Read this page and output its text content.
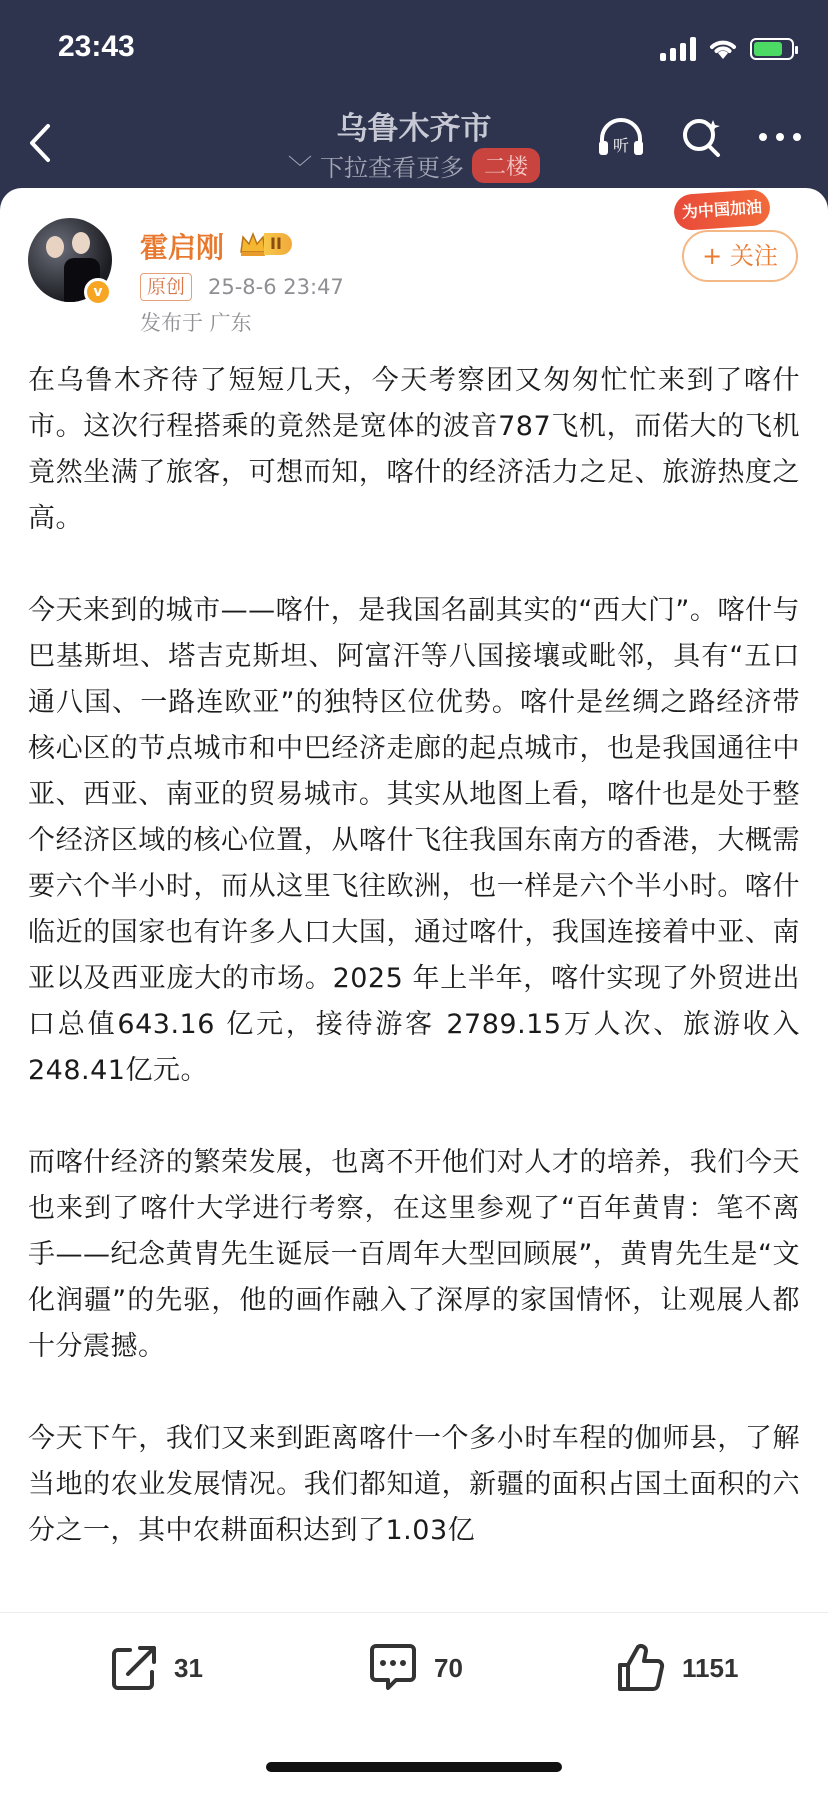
23:43
乌鲁木齐市
﹀ 下拉查看更多 二楼
听
v
霍启刚	II
原创	25-8-6 23:47
发布于 广东
为中国加油
+ 关注

在乌鲁木齐待了短短几天，今天考察团又匆匆忙忙来到了喀什市。这次行程搭乘的竟然是宽体的波音787飞机，而偌大的飞机竟然坐满了旅客，可想而知，喀什的经济活力之足、旅游热度之高。

今天来到的城市——喀什，是我国名副其实的“西大门”。喀什与巴基斯坦、塔吉克斯坦、阿富汗等八国接壤或毗邻，具有“五口通八国、一路连欧亚”的独特区位优势。喀什是丝绸之路经济带核心区的节点城市和中巴经济走廊的起点城市，也是我国通往中亚、西亚、南亚的贸易城市。其实从地图上看，喀什也是处于整个经济区域的核心位置，从喀什飞往我国东南方的香港，大概需要六个半小时，而从这里飞往欧洲，也一样是六个半小时。喀什临近的国家也有许多人口大国，通过喀什，我国连接着中亚、南亚以及西亚庞大的市场。2025 年上半年，喀什实现了外贸进出口总值643.16 亿元，接待游客 2789.15万人次、旅游收入 248.41亿元。

而喀什经济的繁荣发展，也离不开他们对人才的培养，我们今天也来到了喀什大学进行考察，在这里参观了“百年黄胄：笔不离手——纪念黄胄先生诞辰一百周年大型回顾展”，黄胄先生是“文化润疆”的先驱，他的画作融入了深厚的家国情怀，让观展人都十分震撼。

今天下午，我们又来到距离喀什一个多小时车程的伽师县，了解当地的农业发展情况。我们都知道，新疆的面积占国土面积的六分之一，其中农耕面积达到了1.03亿

31	70	1151
